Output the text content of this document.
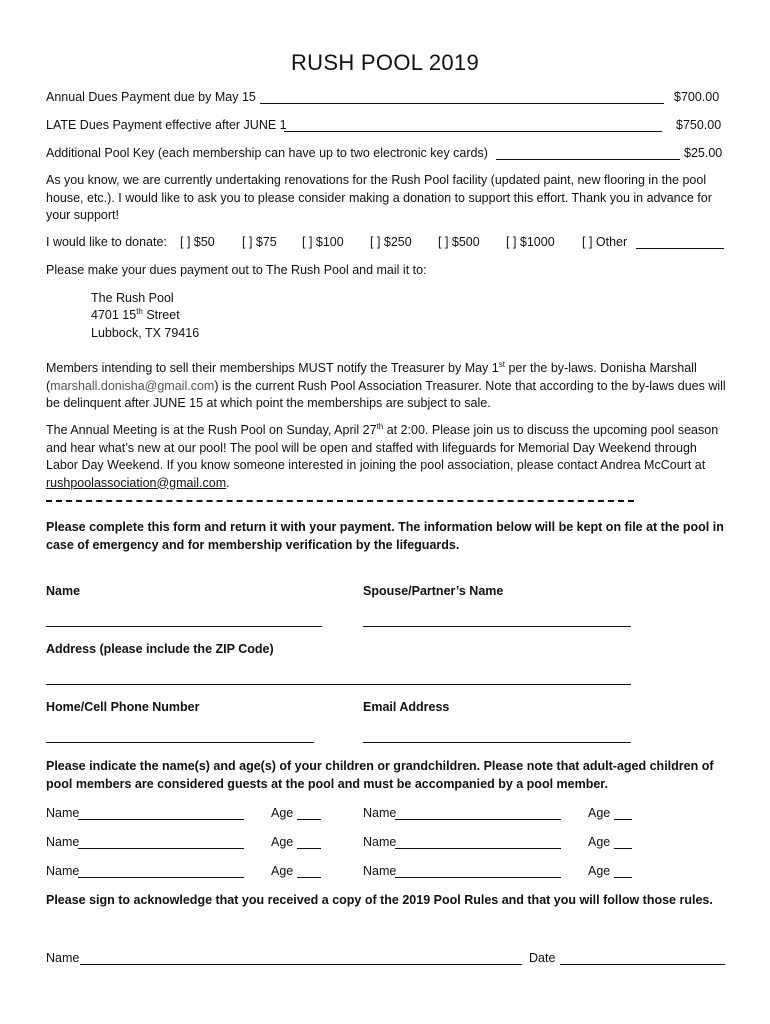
RUSH POOL 2019
Annual Dues Payment due by May 15	$700.00
LATE Dues Payment effective after JUNE 1	$750.00
Additional Pool Key (each membership can have up to two electronic key cards)	$25.00
As you know, we are currently undertaking renovations for the Rush Pool facility (updated paint, new flooring in the pool house, etc.). I would like to ask you to please consider making a donation to support this effort. Thank you in advance for your support!
I would like to donate: [ ] $50 [ ] $75 [ ] $100 [ ] $250 [ ] $500 [ ] $1000 [ ] Other
Please make your dues payment out to The Rush Pool and mail it to:
The Rush Pool
4701 15th Street
Lubbock, TX 79416
Members intending to sell their memberships MUST notify the Treasurer by May 1st per the by-laws. Donisha Marshall (marshall.donisha@gmail.com) is the current Rush Pool Association Treasurer. Note that according to the by-laws dues will be delinquent after JUNE 15 at which point the memberships are subject to sale.
The Annual Meeting is at the Rush Pool on Sunday, April 27th at 2:00. Please join us to discuss the upcoming pool season and hear what’s new at our pool! The pool will be open and staffed with lifeguards for Memorial Day Weekend through Labor Day Weekend. If you know someone interested in joining the pool association, please contact Andrea McCourt at rushpoolassociation@gmail.com.
Please complete this form and return it with your payment. The information below will be kept on file at the pool in case of emergency and for membership verification by the lifeguards.
Name	Spouse/Partner’s Name
Address (please include the ZIP Code)
Home/Cell Phone Number	Email Address
Please indicate the name(s) and age(s) of your children or grandchildren. Please note that adult-aged children of pool members are considered guests at the pool and must be accompanied by a pool member.
Name	Age	Name	Age
Name	Age	Name	Age
Name	Age	Name	Age
Please sign to acknowledge that you received a copy of the 2019 Pool Rules and that you will follow those rules.
Name	Date
